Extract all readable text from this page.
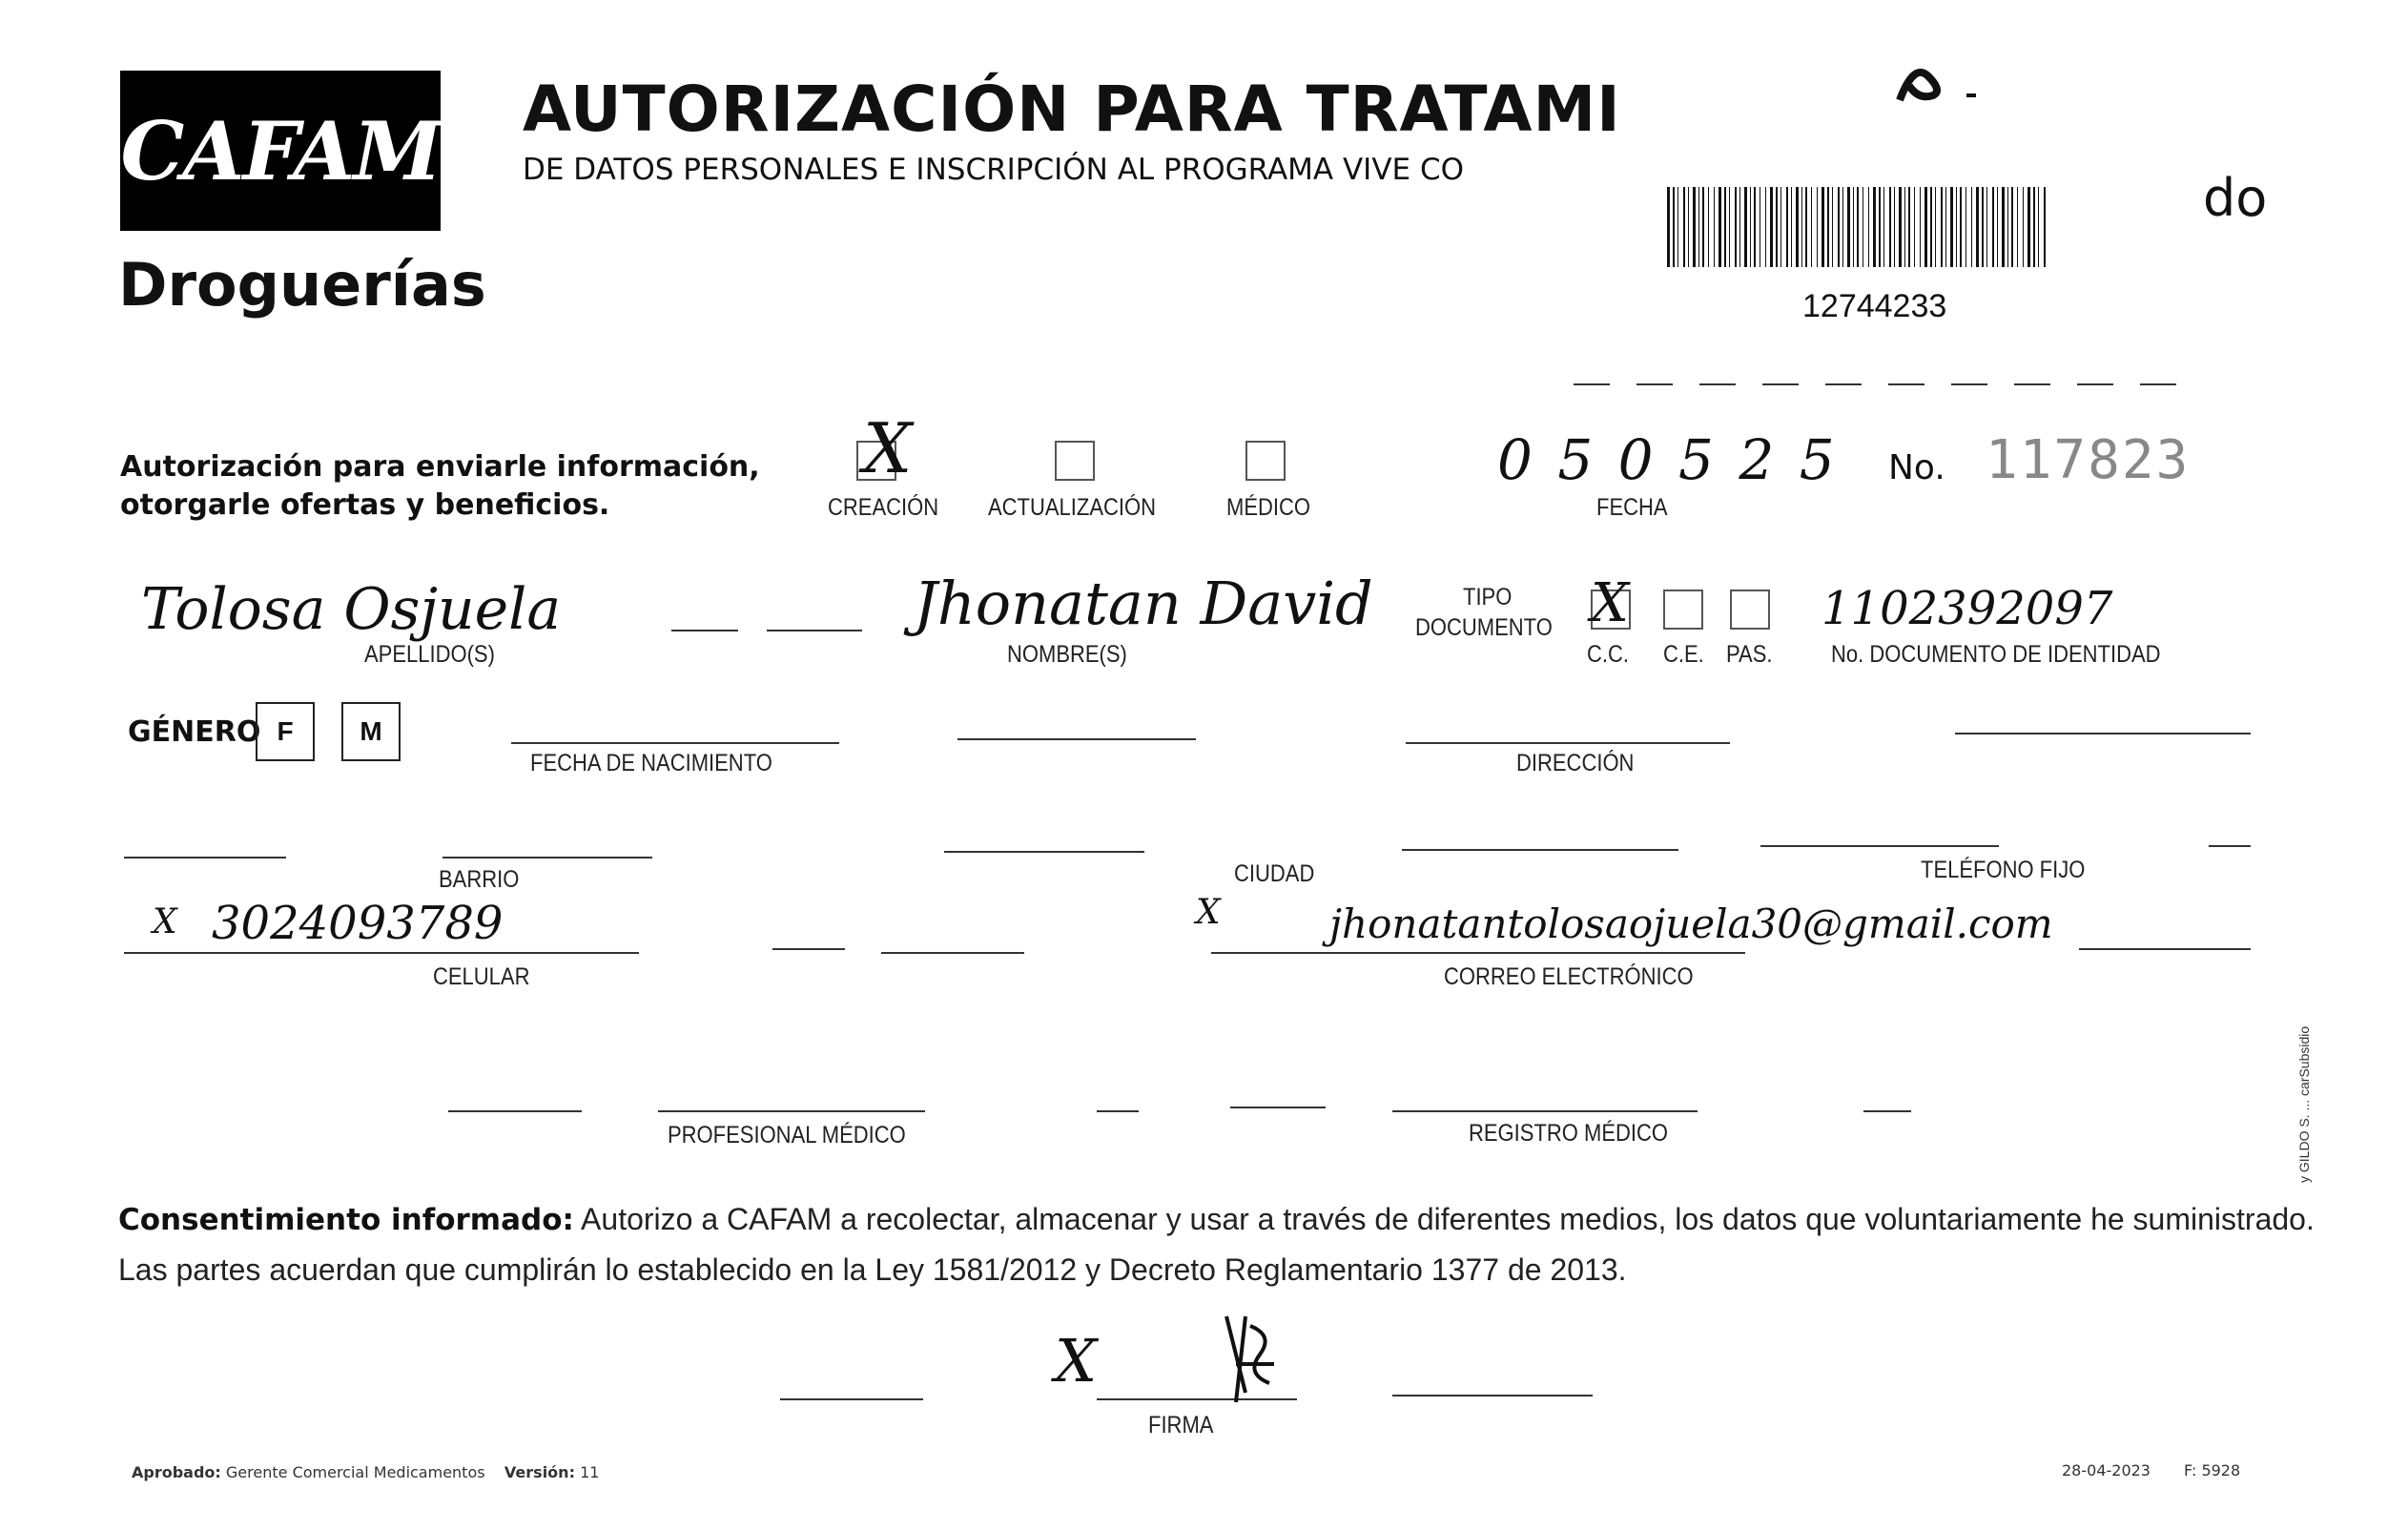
CAFAM
Droguerías
AUTORIZACIÓN PARA TRATAMI
DE DATOS PERSONALES E INSCRIPCIÓN AL PROGRAMA VIVE CO	do
12744233
Autorización para enviarle información,
otorgarle ofertas y beneficios.
X
CREACIÓN ACTUALIZACIÓN	MÉDICO
0 5 0 5 2 5
FECHA
No. 117823
Tolosa Osjuela
APELLIDO(S)
Jhonatan David
NOMBRE(S)
TIPO
DOCUMENTO X
C.C. C.E. PAS.
1102392097
No. DOCUMENTO DE IDENTIDAD
GÉNERO F M
FECHA DE NACIMIENTO	DIRECCIÓN
BARRIO	CIUDAD	TELÉFONO FIJO
X 3024093789
CELULAR
X	jhonatantolosaojuela30@gmail.com
CORREO ELECTRÓNICO
PROFESIONAL MÉDICO	REGISTRO MÉDICO
Consentimiento informado: Autorizo a CAFAM a recolectar, almacenar y usar a través de diferentes medios, los datos que voluntariamente he suministrado.
Las partes acuerdan que cumplirán lo establecido en la Ley 1581/2012 y Decreto Reglamentario 1377 de 2013.
X
FIRMA
Aprobado: Gerente Comercial Medicamentos Versión: 11	28-04-2023 F: 5928
y GILDO S. ... carSubsidio
